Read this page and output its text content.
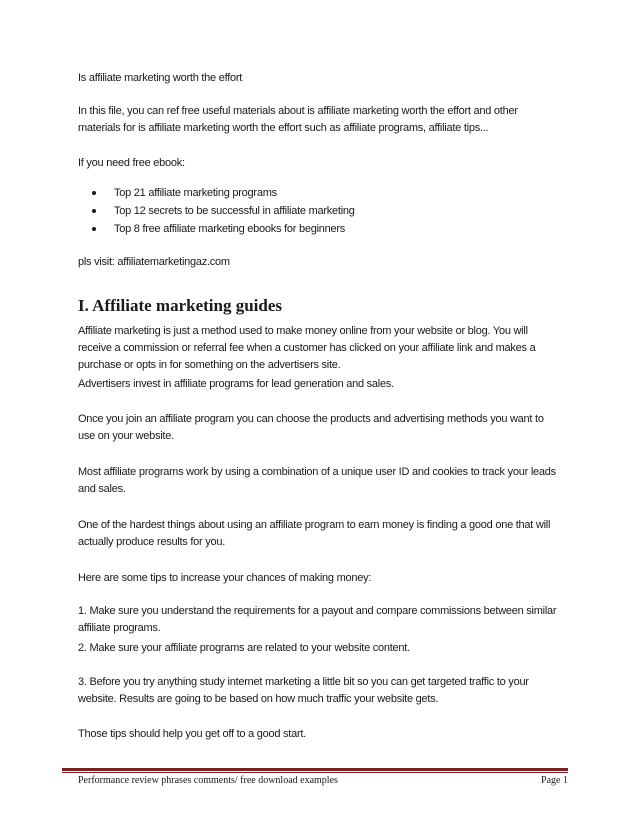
Is affiliate marketing worth the effort

In this file, you can ref free useful materials about is affiliate marketing worth the effort and other

materials for is affiliate marketing worth the effort such as affiliate programs, affiliate tips...

If you need free ebook:

Top 21 affiliate marketing programs
Top 12 secrets to be successful in affiliate marketing
Top 8 free affiliate marketing ebooks for beginners

pls visit: affiliatemarketingaz.com

I. Affiliate marketing guides

Affiliate marketing is just a method used to make money online from your website or blog. You will

receive a commission or referral fee when a customer has clicked on your affiliate link and makes a

purchase or opts in for something on the advertisers site.

Advertisers invest in affiliate programs for lead generation and sales.

Once you join an affiliate program you can choose the products and advertising methods you want to

use on your website.

Most affiliate programs work by using a combination of a unique user ID and cookies to track your leads

and sales.

One of the hardest things about using an affiliate program to earn money is finding a good one that will

actually produce results for you.

Here are some tips to increase your chances of making money:

1. Make sure you understand the requirements for a payout and compare commissions between similar

affiliate programs.

2. Make sure your affiliate programs are related to your website content.

3. Before you try anything study internet marketing a little bit so you can get targeted traffic to your

website. Results are going to be based on how much traffic your website gets.

Those tips should help you get off to a good start.

Performance review phrases comments/ free download examples	Page 1
